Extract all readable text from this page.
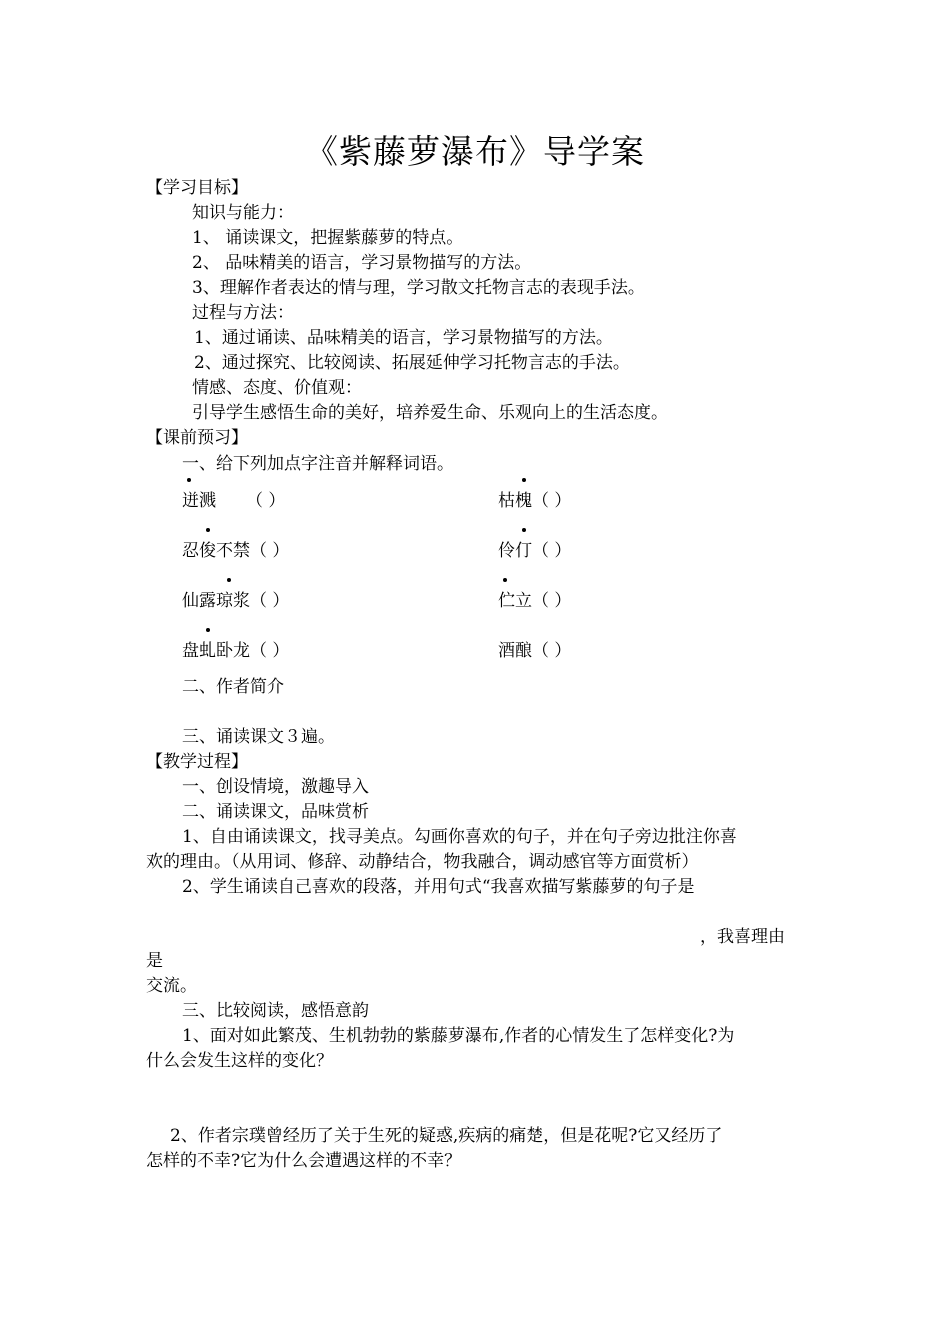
《紫藤萝瀑布》导学案
【学习目标】
知识与能力：
1、 诵读课文，把握紫藤萝的特点。
2、 品味精美的语言，学习景物描写的方法。
3、理解作者表达的情与理，学习散文托物言志的表现手法。
过程与方法：
1、通过诵读、品味精美的语言，学习景物描写的方法。
2、通过探究、比较阅读、拓展延伸学习托物言志的手法。
情感、态度、价值观：
引导学生感悟生命的美好，培养爱生命、乐观向上的生活态度。
【课前预习】
一、给下列加点字注音并解释词语。
迸溅 （ ）	枯槐（ ）
忍俊不禁（ ）	伶仃（ ）
仙露琼浆（ ）	伫立（ ）
盘虬卧龙（ ）	酒酿（ ）
二、作者简介
三、诵读课文３遍。
【教学过程】
一、创设情境，激趣导入
二、诵读课文，品味赏析
1、自由诵读课文，找寻美点。勾画你喜欢的句子，并在句子旁边批注你喜
欢的理由。（从用词、修辞、动静结合，物我融合，调动感官等方面赏析）
2、学生诵读自己喜欢的段落，并用句式“我喜欢描写紫藤萝的句子是
，我喜理由
是
交流。
三、比较阅读，感悟意韵
1、面对如此繁茂、生机勃勃的紫藤萝瀑布,作者的心情发生了怎样变化?为
什么会发生这样的变化？
2、作者宗璞曾经历了关于生死的疑惑,疾病的痛楚，但是花呢?它又经历了
怎样的不幸?它为什么会遭遇这样的不幸？
